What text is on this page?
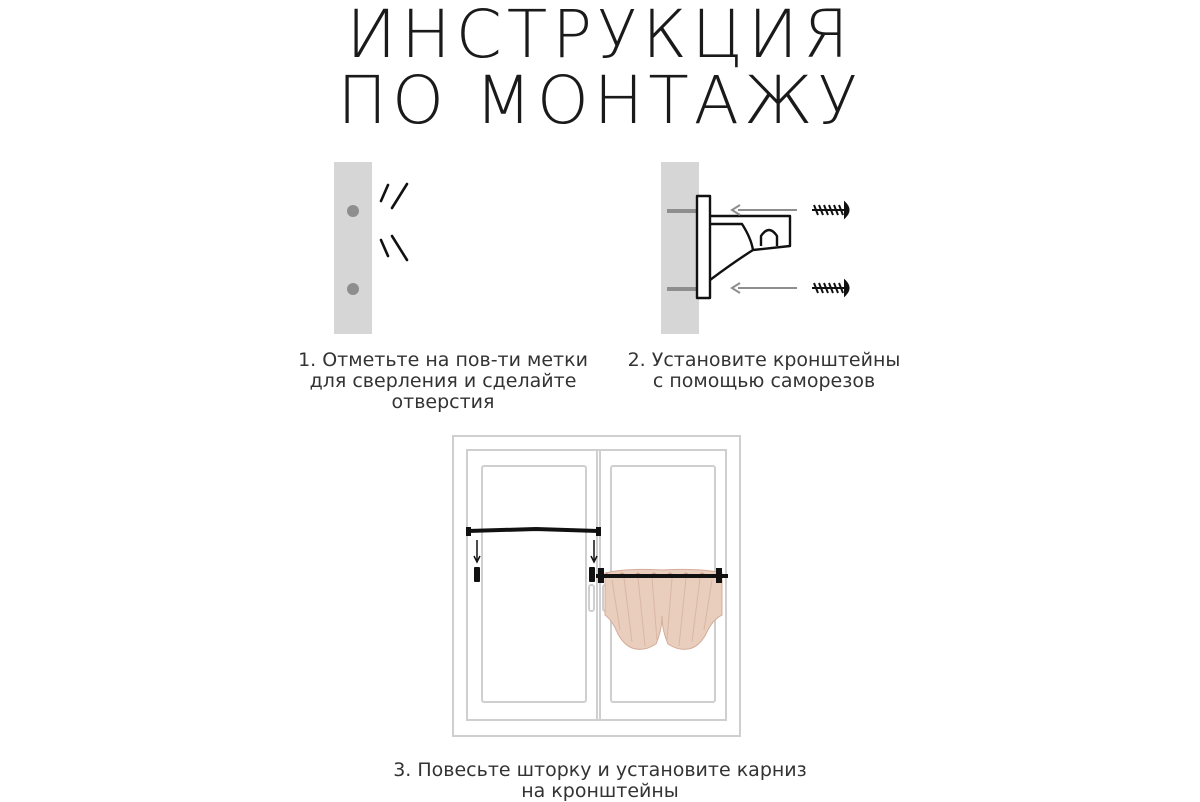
ИНСТРУКЦИЯ
ПО МОНТАЖУ
1. Отметьте на пов-ти метки
для сверления и сделайте
отверстия
2. Установите кронштейны
с помощью саморезов
3. Повесьте шторку и установите карниз
на кронштейны
